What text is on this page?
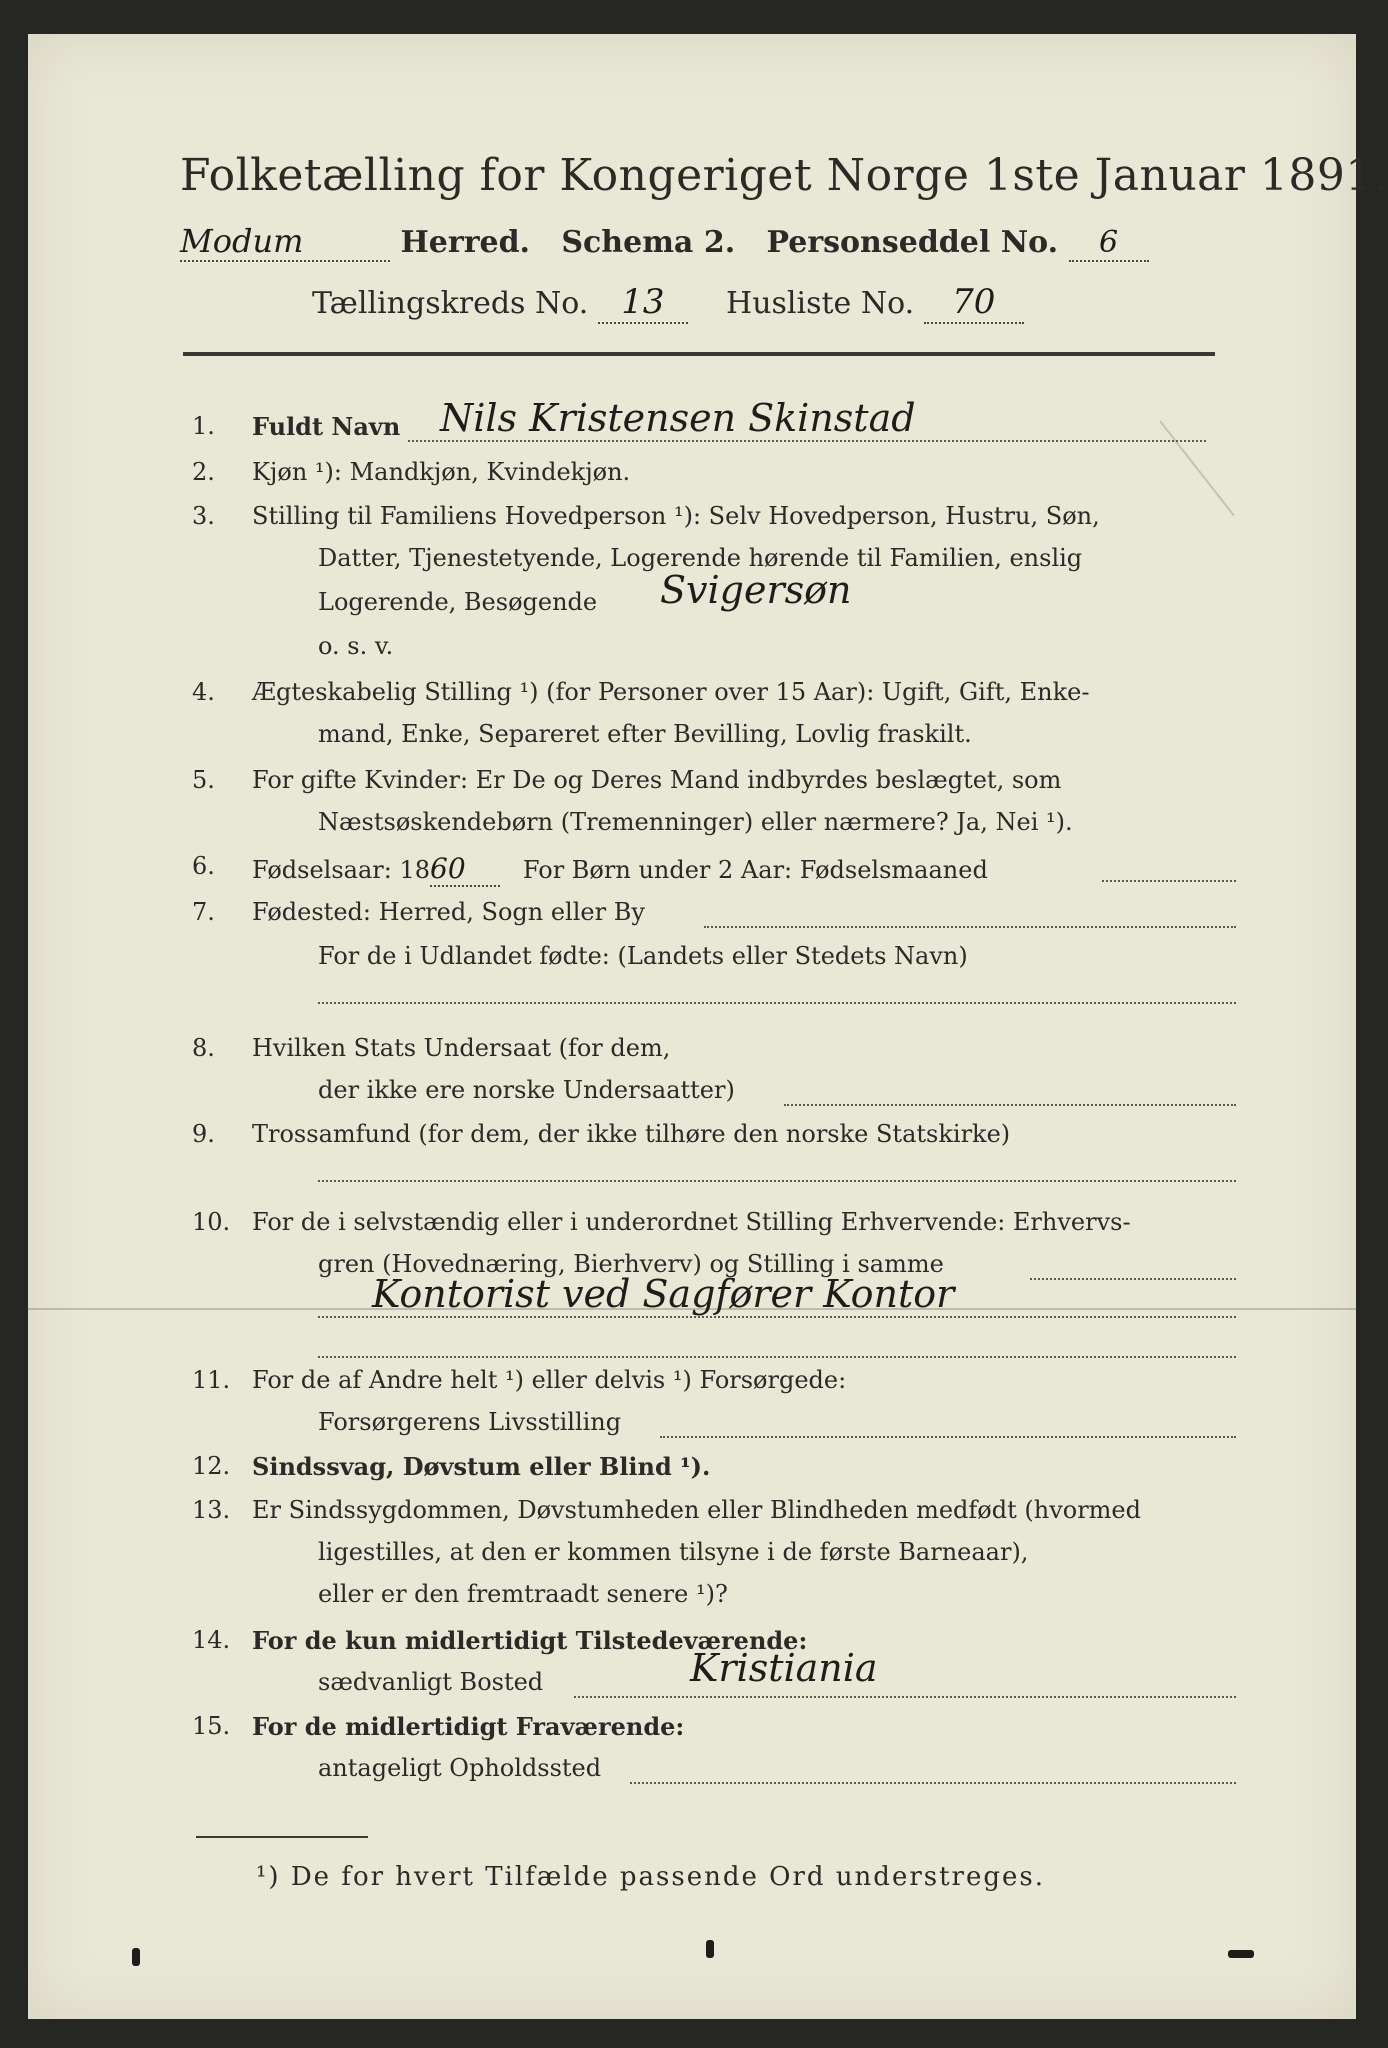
Folketælling for Kongeriget Norge 1ste Januar 1891.
Modum	Herred. Schema 2. Personseddel No. 6
Tællingskreds No. 13 Husliste No. 70
1.	Fuldt Navn Nils Kristensen Skinstad
2.	Kjøn ¹): Mandkjøn, Kvindekjøn.
3.	Stilling til Familiens Hovedperson ¹): Selv Hovedperson, Hustru, Søn,
Datter, Tjenestetyende, Logerende hørende til Familien, enslig
Logerende, Besøgende Svigersøn
o. s. v.
4.	Ægteskabelig Stilling ¹) (for Personer over 15 Aar): Ugift, Gift, Enke-
mand, Enke, Separeret efter Bevilling, Lovlig fraskilt.
5.	For gifte Kvinder: Er De og Deres Mand indbyrdes beslægtet, som
Næstsøskendebørn (Tremenninger) eller nærmere? Ja, Nei ¹).
6.	Fødselsaar: 1860 For Børn under 2 Aar: Fødselsmaaned
7.	Fødested: Herred, Sogn eller By
For de i Udlandet fødte: (Landets eller Stedets Navn)
8.	Hvilken Stats Undersaat (for dem,
der ikke ere norske Undersaatter)
9.	Trossamfund (for dem, der ikke tilhøre den norske Statskirke)
10. For de i selvstændig eller i underordnet Stilling Erhvervende: Erhvervs-
gren (Hovednæring, Bierhverv) og Stilling i samme
Kontorist ved Sagfører Kontor
11. For de af Andre helt ¹) eller delvis ¹) Forsørgede:
Forsørgerens Livsstilling
12. Sindssvag, Døvstum eller Blind ¹).
13. Er Sindssygdommen, Døvstumheden eller Blindheden medfødt (hvormed
ligestilles, at den er kommen tilsyne i de første Barneaar),
eller er den fremtraadt senere ¹)?
14. For de kun midlertidigt Tilstedeværende:
sædvanligt Bosted	Kristiania
15. For de midlertidigt Fraværende:
antageligt Opholdssted
¹) De for hvert Tilfælde passende Ord understreges.
